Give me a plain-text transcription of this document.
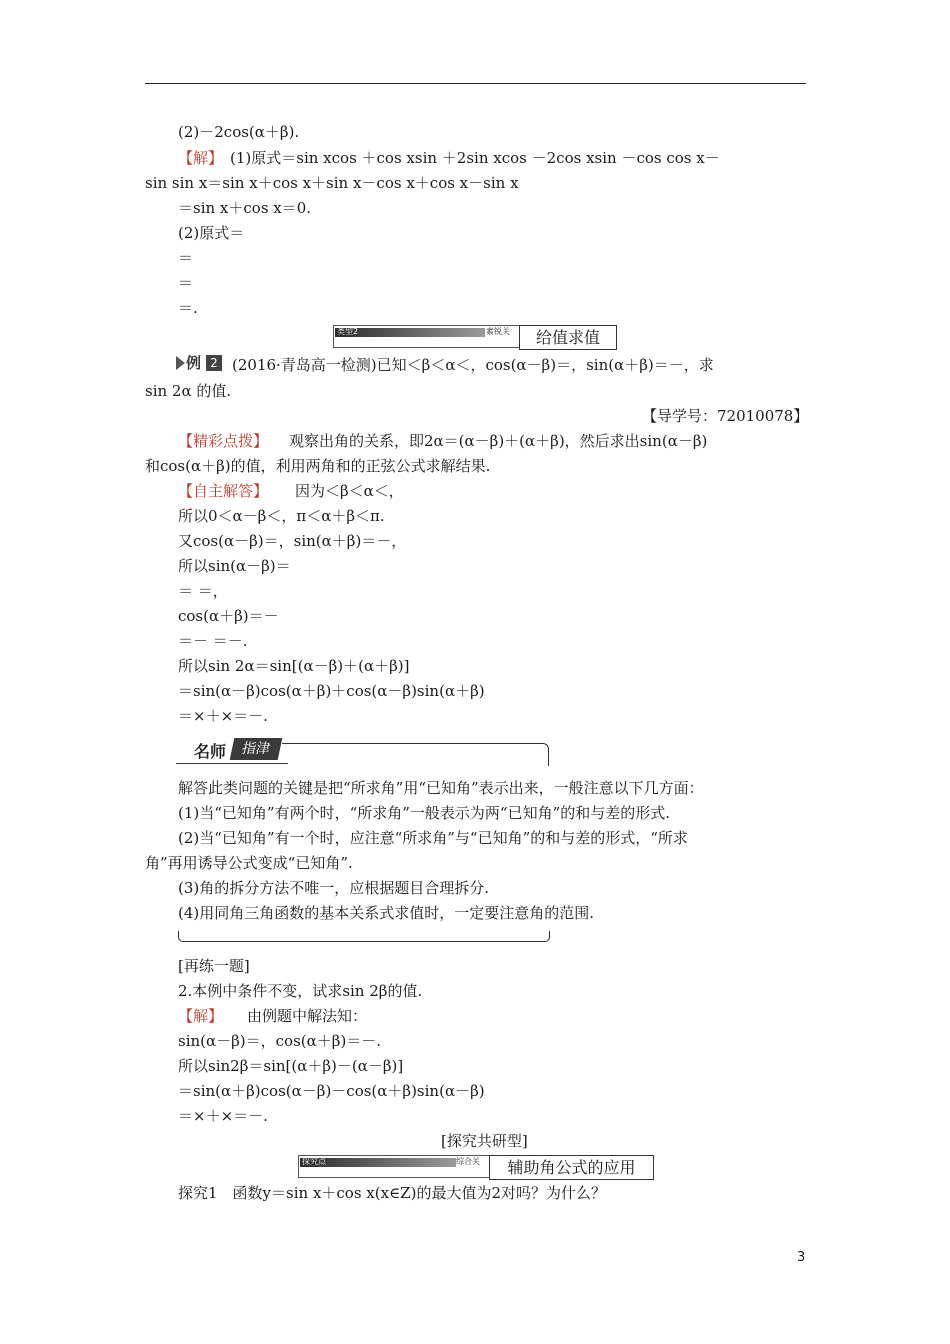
(2)－2cos(α＋β).
【解】 (1)原式＝sin xcos ＋cos xsin ＋2sin xcos －2cos xsin －cos cos x－
sin sin x＝sin x＋cos x＋sin x－cos x＋cos x－sin x
＝sin x＋cos x＝0.
(2)原式＝
＝
＝
＝.
类型2	素锐关	给值求值
例 2 (2016·青岛高一检测)已知＜β＜α＜，cos(α－β)＝，sin(α＋β)＝－，求
sin 2α 的值.
【导学号：72010078】
【精彩点拨】 观察出角的关系，即2α＝(α－β)＋(α＋β)，然后求出sin(α－β)
和cos(α＋β)的值，利用两角和的正弦公式求解结果.
【自主解答】 因为＜β＜α＜，
所以0＜α－β＜，π＜α＋β＜π.
又cos(α－β)＝，sin(α＋β)＝－，
所以sin(α－β)＝
＝ ＝，
cos(α＋β)＝－
＝－ ＝－.
所以sin 2α＝sin[(α－β)＋(α＋β)]
＝sin(α－β)cos(α＋β)＋cos(α－β)sin(α＋β)
＝×＋×＝－.
名师	指津
解答此类问题的关键是把“所求角”用“已知角”表示出来，一般注意以下几方面：
(1)当“已知角”有两个时，“所求角”一般表示为两“已知角”的和与差的形式.
(2)当“已知角”有一个时，应注意“所求角”与“已知角”的和与差的形式，“所求
角”再用诱导公式变成“已知角”.
(3)角的拆分方法不唯一，应根据题目合理拆分.
(4)用同角三角函数的基本关系式求值时，一定要注意角的范围.
[再练一题]
2.本例中条件不变，试求sin 2β的值.
【解】 由例题中解法知：
sin(α－β)＝，cos(α＋β)＝－.
所以sin2β＝sin[(α＋β)－(α－β)]
＝sin(α＋β)cos(α－β)－cos(α＋β)sin(α－β)
＝×＋×＝－.
[探究共研型]
探究点	综合关	辅助角公式的应用
探究1　函数y＝sin x＋cos x(x∈Z)的最大值为2对吗？为什么？
3
